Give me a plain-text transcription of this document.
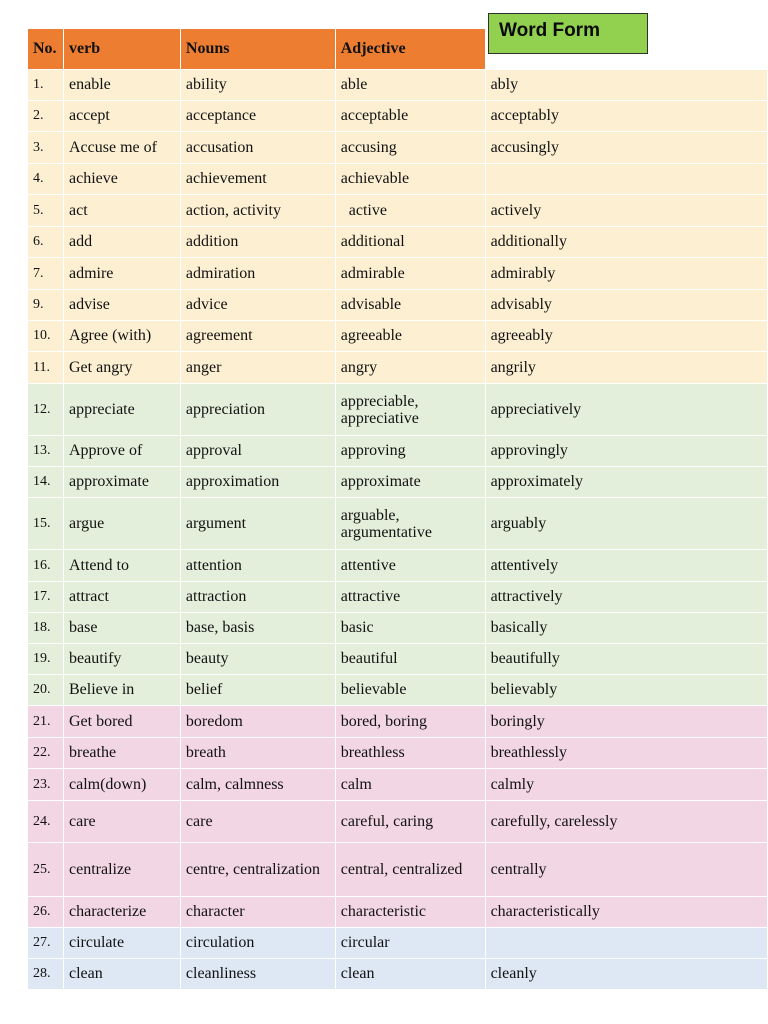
Word Form
No.	verb	Nouns	Adjective	
1.	enable	ability	able	ably
2.	accept	acceptance	acceptable	acceptably
3.	Accuse me of	accusation	accusing	accusingly
4.	achieve	achievement	achievable	
5.	act	action, activity	active	actively
6.	add	addition	additional	additionally
7.	admire	admiration	admirable	admirably
9.	advise	advice	advisable	advisably
10.	Agree (with)	agreement	agreeable	agreeably
11.	Get angry	anger	angry	angrily
12.	appreciate	appreciation	appreciable, appreciative	appreciatively
13.	Approve of	approval	approving	approvingly
14.	approximate	approximation	approximate	approximately
15.	argue	argument	arguable, argumentative	arguably
16.	Attend to	attention	attentive	attentively
17.	attract	attraction	attractive	attractively
18.	base	base, basis	basic	basically
19.	beautify	beauty	beautiful	beautifully
20.	Believe in	belief	believable	believably
21.	Get bored	boredom	bored, boring	boringly
22.	breathe	breath	breathless	breathlessly
23.	calm(down)	calm, calmness	calm	calmly
24.	care	care	careful, caring	carefully, carelessly
25.	centralize	centre, centralization	central, centralized	centrally
26.	characterize	character	characteristic	characteristically
27.	circulate	circulation	circular	
28.	clean	cleanliness	clean	cleanly
